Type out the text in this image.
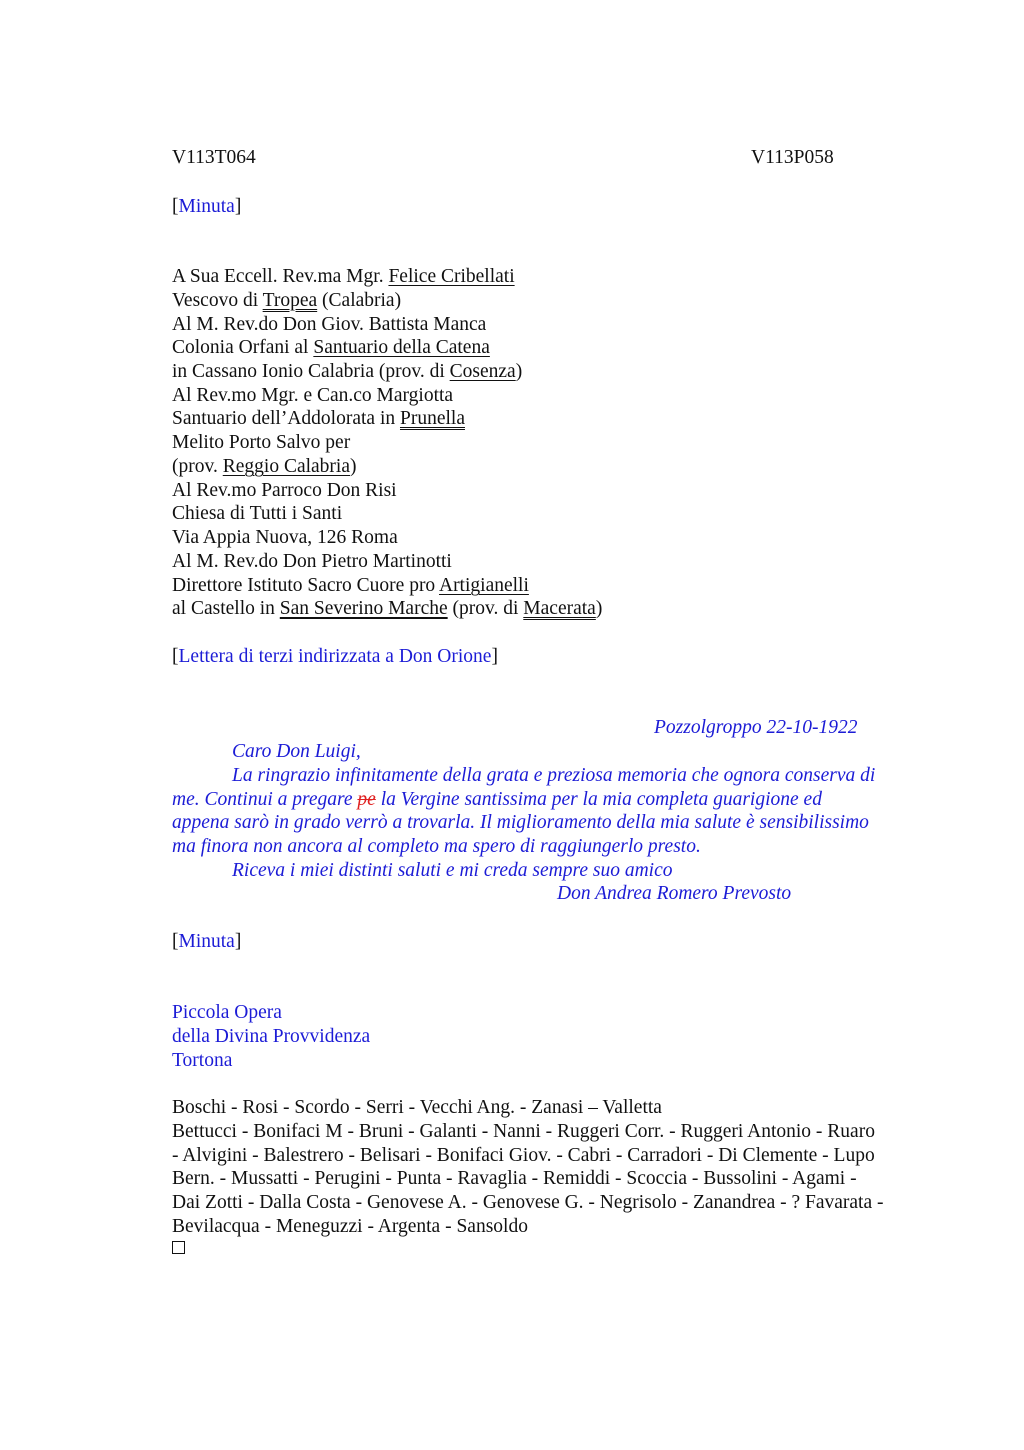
V113T064	V113P058
[Minuta]
A Sua Eccell. Rev.ma Mgr. Felice Cribellati
Vescovo di Tropea (Calabria)
Al M. Rev.do Don Giov. Battista Manca
Colonia Orfani al Santuario della Catena
in Cassano Ionio Calabria (prov. di Cosenza)
Al Rev.mo Mgr. e Can.co Margiotta
Santuario dell’Addolorata in Prunella
Melito Porto Salvo per
(prov. Reggio Calabria)
Al Rev.mo Parroco Don Risi
Chiesa di Tutti i Santi
Via Appia Nuova, 126 Roma
Al M. Rev.do Don Pietro Martinotti
Direttore Istituto Sacro Cuore pro Artigianelli
al Castello in San Severino Marche (prov. di Macerata)
[Lettera di terzi indirizzata a Don Orione]
Pozzolgroppo 22-10-1922
Caro Don Luigi,
La ringrazio infinitamente della grata e preziosa memoria che ognora conserva di
me. Continui a pregare pe la Vergine santissima per la mia completa guarigione ed
appena sarò in grado verrò a trovarla. Il miglioramento della mia salute è sensibilissimo
ma finora non ancora al completo ma spero di raggiungerlo presto.
Riceva i miei distinti saluti e mi creda sempre suo amico
Don Andrea Romero Prevosto
[Minuta]
Piccola Opera
della Divina Provvidenza
Tortona
Boschi - Rosi - Scordo - Serri - Vecchi Ang. - Zanasi – Valletta
Bettucci - Bonifaci M - Bruni - Galanti - Nanni - Ruggeri Corr. - Ruggeri Antonio - Ruaro
- Alvigini - Balestrero - Belisari - Bonifaci Giov. - Cabri - Carradori - Di Clemente - Lupo
Bern. - Mussatti - Perugini - Punta - Ravaglia - Remiddi - Scoccia - Bussolini - Agami -
Dai Zotti - Dalla Costa - Genovese A. - Genovese G. - Negrisolo - Zanandrea - ? Favarata -
Bevilacqua - Meneguzzi - Argenta - Sansoldo
